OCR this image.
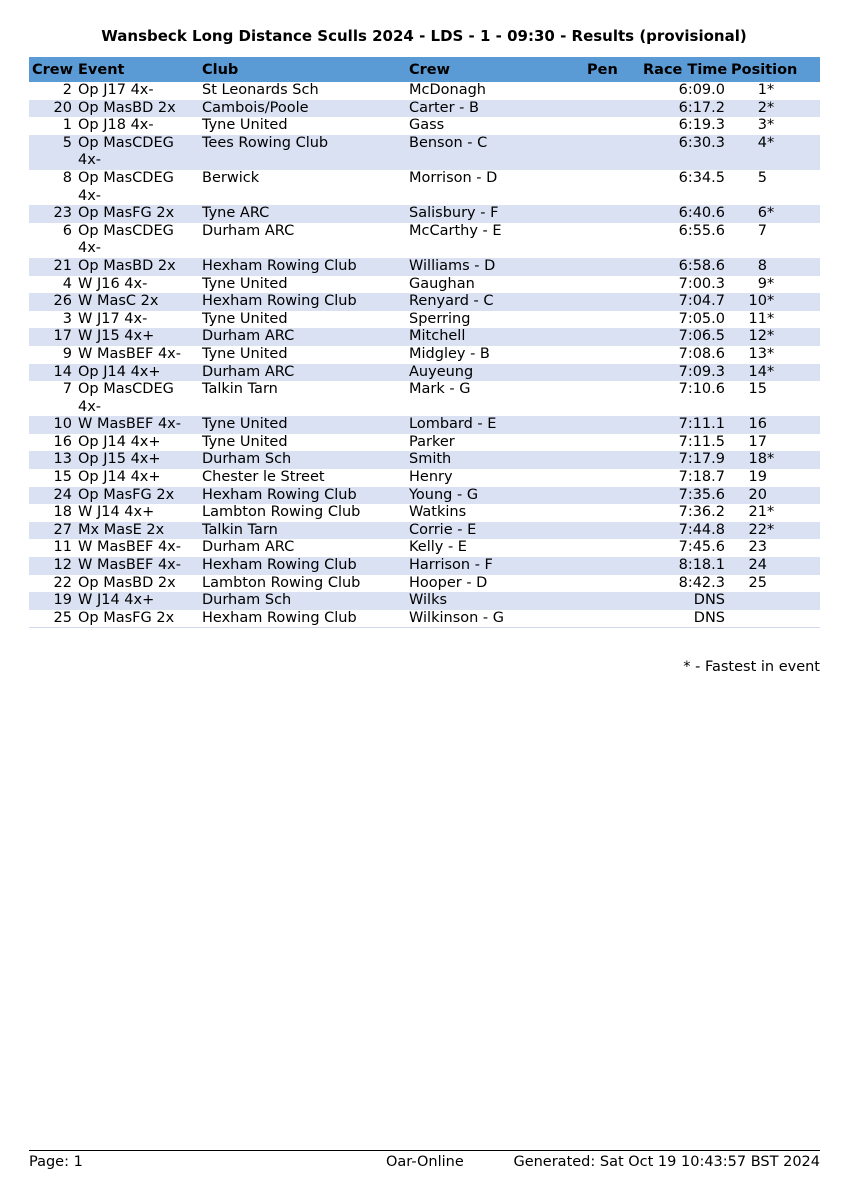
Wansbeck Long Distance Sculls 2024 - LDS - 1 - 09:30 - Results (provisional)
Crew	Event	Club	Crew	Pen	Race Time	Position
2	Op J17 4x-	St Leonards Sch	McDonagh		6:09.0	1*
20	Op MasBD 2x	Cambois/Poole	Carter - B		6:17.2	2*
1	Op J18 4x-	Tyne United	Gass		6:19.3	3*
5	Op MasCDEG 4x-	Tees Rowing Club	Benson - C		6:30.3	4*
8	Op MasCDEG 4x-	Berwick	Morrison - D		6:34.5	5
23	Op MasFG 2x	Tyne ARC	Salisbury - F		6:40.6	6*
6	Op MasCDEG 4x-	Durham ARC	McCarthy - E		6:55.6	7
21	Op MasBD 2x	Hexham Rowing Club	Williams - D		6:58.6	8
4	W J16 4x-	Tyne United	Gaughan		7:00.3	9*
26	W MasC 2x	Hexham Rowing Club	Renyard - C		7:04.7	10*
3	W J17 4x-	Tyne United	Sperring		7:05.0	11*
17	W J15 4x+	Durham ARC	Mitchell		7:06.5	12*
9	W MasBEF 4x-	Tyne United	Midgley - B		7:08.6	13*
14	Op J14 4x+	Durham ARC	Auyeung		7:09.3	14*
7	Op MasCDEG 4x-	Talkin Tarn	Mark - G		7:10.6	15
10	W MasBEF 4x-	Tyne United	Lombard - E		7:11.1	16
16	Op J14 4x+	Tyne United	Parker		7:11.5	17
13	Op J15 4x+	Durham Sch	Smith		7:17.9	18*
15	Op J14 4x+	Chester le Street	Henry		7:18.7	19
24	Op MasFG 2x	Hexham Rowing Club	Young - G		7:35.6	20
18	W J14 4x+	Lambton Rowing Club	Watkins		7:36.2	21*
27	Mx MasE 2x	Talkin Tarn	Corrie - E		7:44.8	22*
11	W MasBEF 4x-	Durham ARC	Kelly - E		7:45.6	23
12	W MasBEF 4x-	Hexham Rowing Club	Harrison - F		8:18.1	24
22	Op MasBD 2x	Lambton Rowing Club	Hooper - D		8:42.3	25
19	W J14 4x+	Durham Sch	Wilks		DNS	
25	Op MasFG 2x	Hexham Rowing Club	Wilkinson - G		DNS	
* - Fastest in event
Page: 1	Oar-Online	Generated: Sat Oct 19 10:43:57 BST 2024
